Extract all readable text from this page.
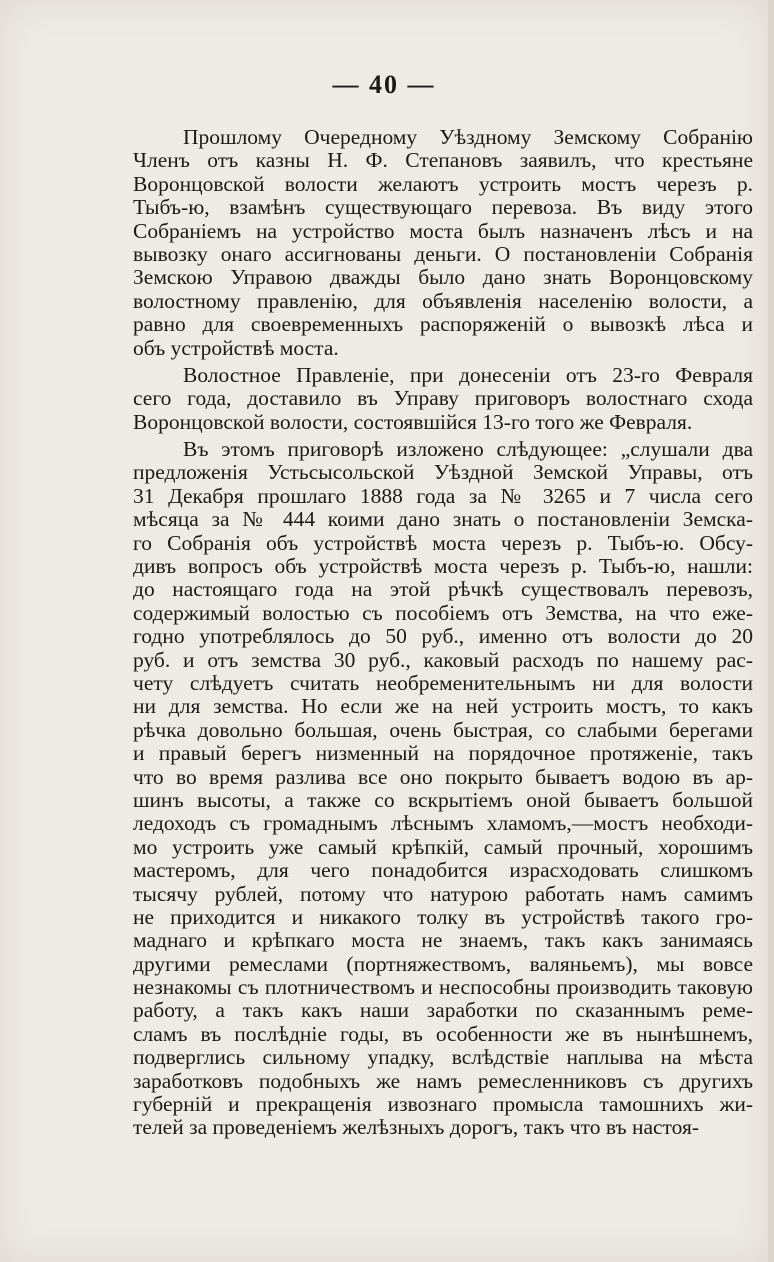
— 40 —
Прошлому Очередному Уѣздному Земскому Собранію
Членъ отъ казны Н. Ф. Степановъ заявилъ, что крестьяне
Воронцовской волости желаютъ устроить мостъ черезъ р.
Тыбъ-ю, взамѣнъ существующаго перевоза. Въ виду этого
Собраніемъ на устройство моста былъ назначенъ лѣсъ и на
вывозку онаго ассигнованы деньги. О постановленіи Собранія
Земскою Управою дважды было дано знать Воронцовскому
волостному правленію, для объявленія населенію волости, а
равно для своевременныхъ распоряженій о вывозкѣ лѣса и
объ устройствѣ моста.
Волостное Правленіе, при донесеніи отъ 23-го Февраля
сего года, доставило въ Управу приговоръ волостнаго схода
Воронцовской волости, состоявшійся 13-го того же Февраля.
Въ этомъ приговорѣ изложено слѣдующее: „слушали два
предложенія Устьсысольской Уѣздной Земской Управы, отъ
31 Декабря прошлаго 1888 года за № 3265 и 7 числа сего
мѣсяца за № 444 коими дано знать о постановленіи Земска-
го Собранія объ устройствѣ моста черезъ р. Тыбъ-ю. Обсу-
дивъ вопросъ объ устройствѣ моста черезъ р. Тыбъ-ю, нашли:
до настоящаго года на этой рѣчкѣ существовалъ перевозъ,
содержимый волостью съ пособіемъ отъ Земства, на что еже-
годно употреблялось до 50 руб., именно отъ волости до 20
руб. и отъ земства 30 руб., каковый расходъ по нашему рас-
чету слѣдуетъ считать необременительнымъ ни для волости
ни для земства. Но если же на ней устроить мостъ, то какъ
рѣчка довольно большая, очень быстрая, со слабыми берегами
и правый берегъ низменный на порядочное протяженіе, такъ
что во время разлива все оно покрыто бываетъ водою въ ар-
шинъ высоты, а также со вскрытіемъ оной бываетъ большой
ледоходъ съ громаднымъ лѣснымъ хламомъ,—мостъ необходи-
мо устроить уже самый крѣпкій, самый прочный, хорошимъ
мастеромъ, для чего понадобится израсходовать слишкомъ
тысячу рублей, потому что натурою работать намъ самимъ
не приходится и никакого толку въ устройствѣ такого гро-
маднаго и крѣпкаго моста не знаемъ, такъ какъ занимаясь
другими ремеслами (портняжествомъ, валяньемъ), мы вовсе
незнакомы съ плотничествомъ и неспособны производить таковую
работу, а такъ какъ наши заработки по сказаннымъ реме-
сламъ въ послѣдніе годы, въ особенности же въ нынѣшнемъ,
подверглись сильному упадку, вслѣдствіе наплыва на мѣста
заработковъ подобныхъ же намъ ремесленниковъ съ другихъ
губерній и прекращенія извознаго промысла тамошнихъ жи-
телей за проведеніемъ желѣзныхъ дорогъ, такъ что въ настоя-
